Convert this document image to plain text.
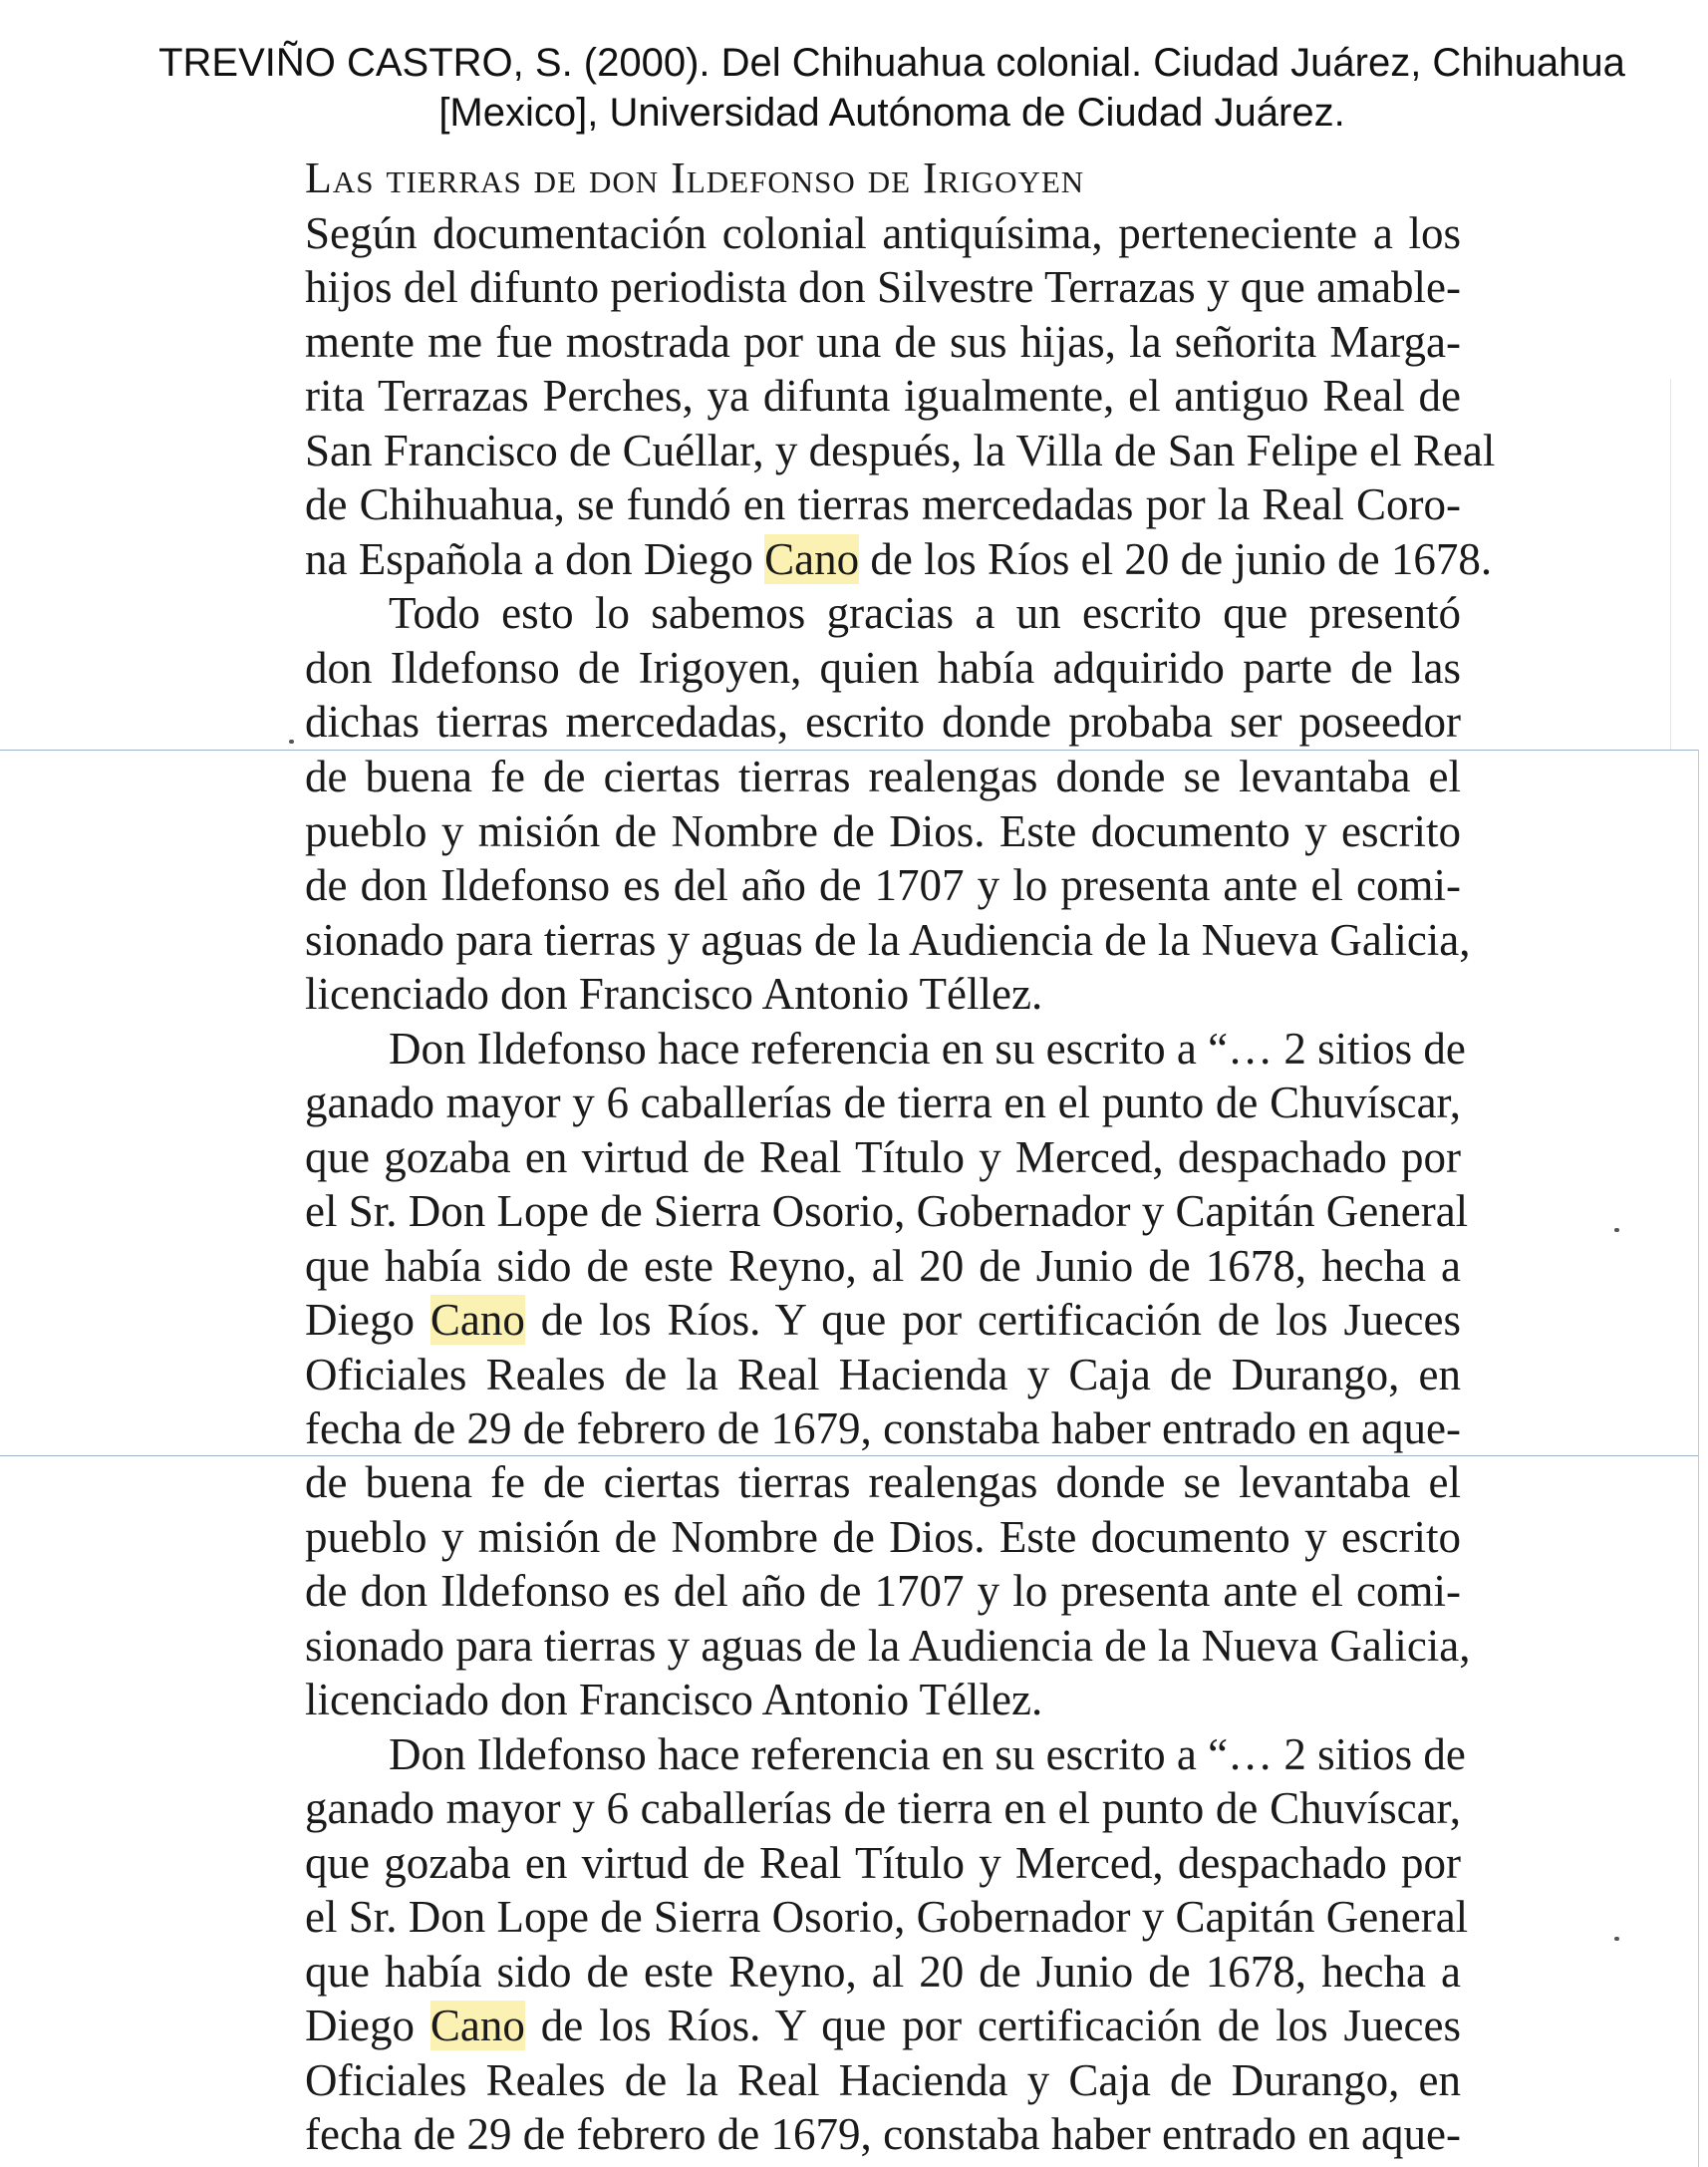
TREVIÑO CASTRO, S. (2000). Del Chihuahua colonial. Ciudad Juárez, Chihuahua
[Mexico], Universidad Autónoma de Ciudad Juárez.
Las tierras de don Ildefonso de Irigoyen
Según documentación colonial antiquísima, perteneciente a los
hijos del difunto periodista don Silvestre Terrazas y que amable-
mente me fue mostrada por una de sus hijas, la señorita Marga-
rita Terrazas Perches, ya difunta igualmente, el antiguo Real de
San Francisco de Cuéllar, y después, la Villa de San Felipe el Real
de Chihuahua, se fundó en tierras mercedadas por la Real Coro-
na Española a don Diego Cano de los Ríos el 20 de junio de 1678.
Todo esto lo sabemos gracias a un escrito que presentó
don Ildefonso de Irigoyen, quien había adquirido parte de las
dichas tierras mercedadas, escrito donde probaba ser poseedor
de buena fe de ciertas tierras realengas donde se levantaba el
pueblo y misión de Nombre de Dios. Este documento y escrito
de don Ildefonso es del año de 1707 y lo presenta ante el comi-
sionado para tierras y aguas de la Audiencia de la Nueva Galicia,
licenciado don Francisco Antonio Téllez.
Don Ildefonso hace referencia en su escrito a “… 2 sitios de
ganado mayor y 6 caballerías de tierra en el punto de Chuvíscar,
que gozaba en virtud de Real Título y Merced, despachado por
el Sr. Don Lope de Sierra Osorio, Gobernador y Capitán General
que había sido de este Reyno, al 20 de Junio de 1678, hecha a
Diego Cano de los Ríos. Y que por certificación de los Jueces
Oficiales Reales de la Real Hacienda y Caja de Durango, en
fecha de 29 de febrero de 1679, constaba haber entrado en aque-
de buena fe de ciertas tierras realengas donde se levantaba el
pueblo y misión de Nombre de Dios. Este documento y escrito
de don Ildefonso es del año de 1707 y lo presenta ante el comi-
sionado para tierras y aguas de la Audiencia de la Nueva Galicia,
licenciado don Francisco Antonio Téllez.
Don Ildefonso hace referencia en su escrito a “… 2 sitios de
ganado mayor y 6 caballerías de tierra en el punto de Chuvíscar,
que gozaba en virtud de Real Título y Merced, despachado por
el Sr. Don Lope de Sierra Osorio, Gobernador y Capitán General
que había sido de este Reyno, al 20 de Junio de 1678, hecha a
Diego Cano de los Ríos. Y que por certificación de los Jueces
Oficiales Reales de la Real Hacienda y Caja de Durango, en
fecha de 29 de febrero de 1679, constaba haber entrado en aque-
